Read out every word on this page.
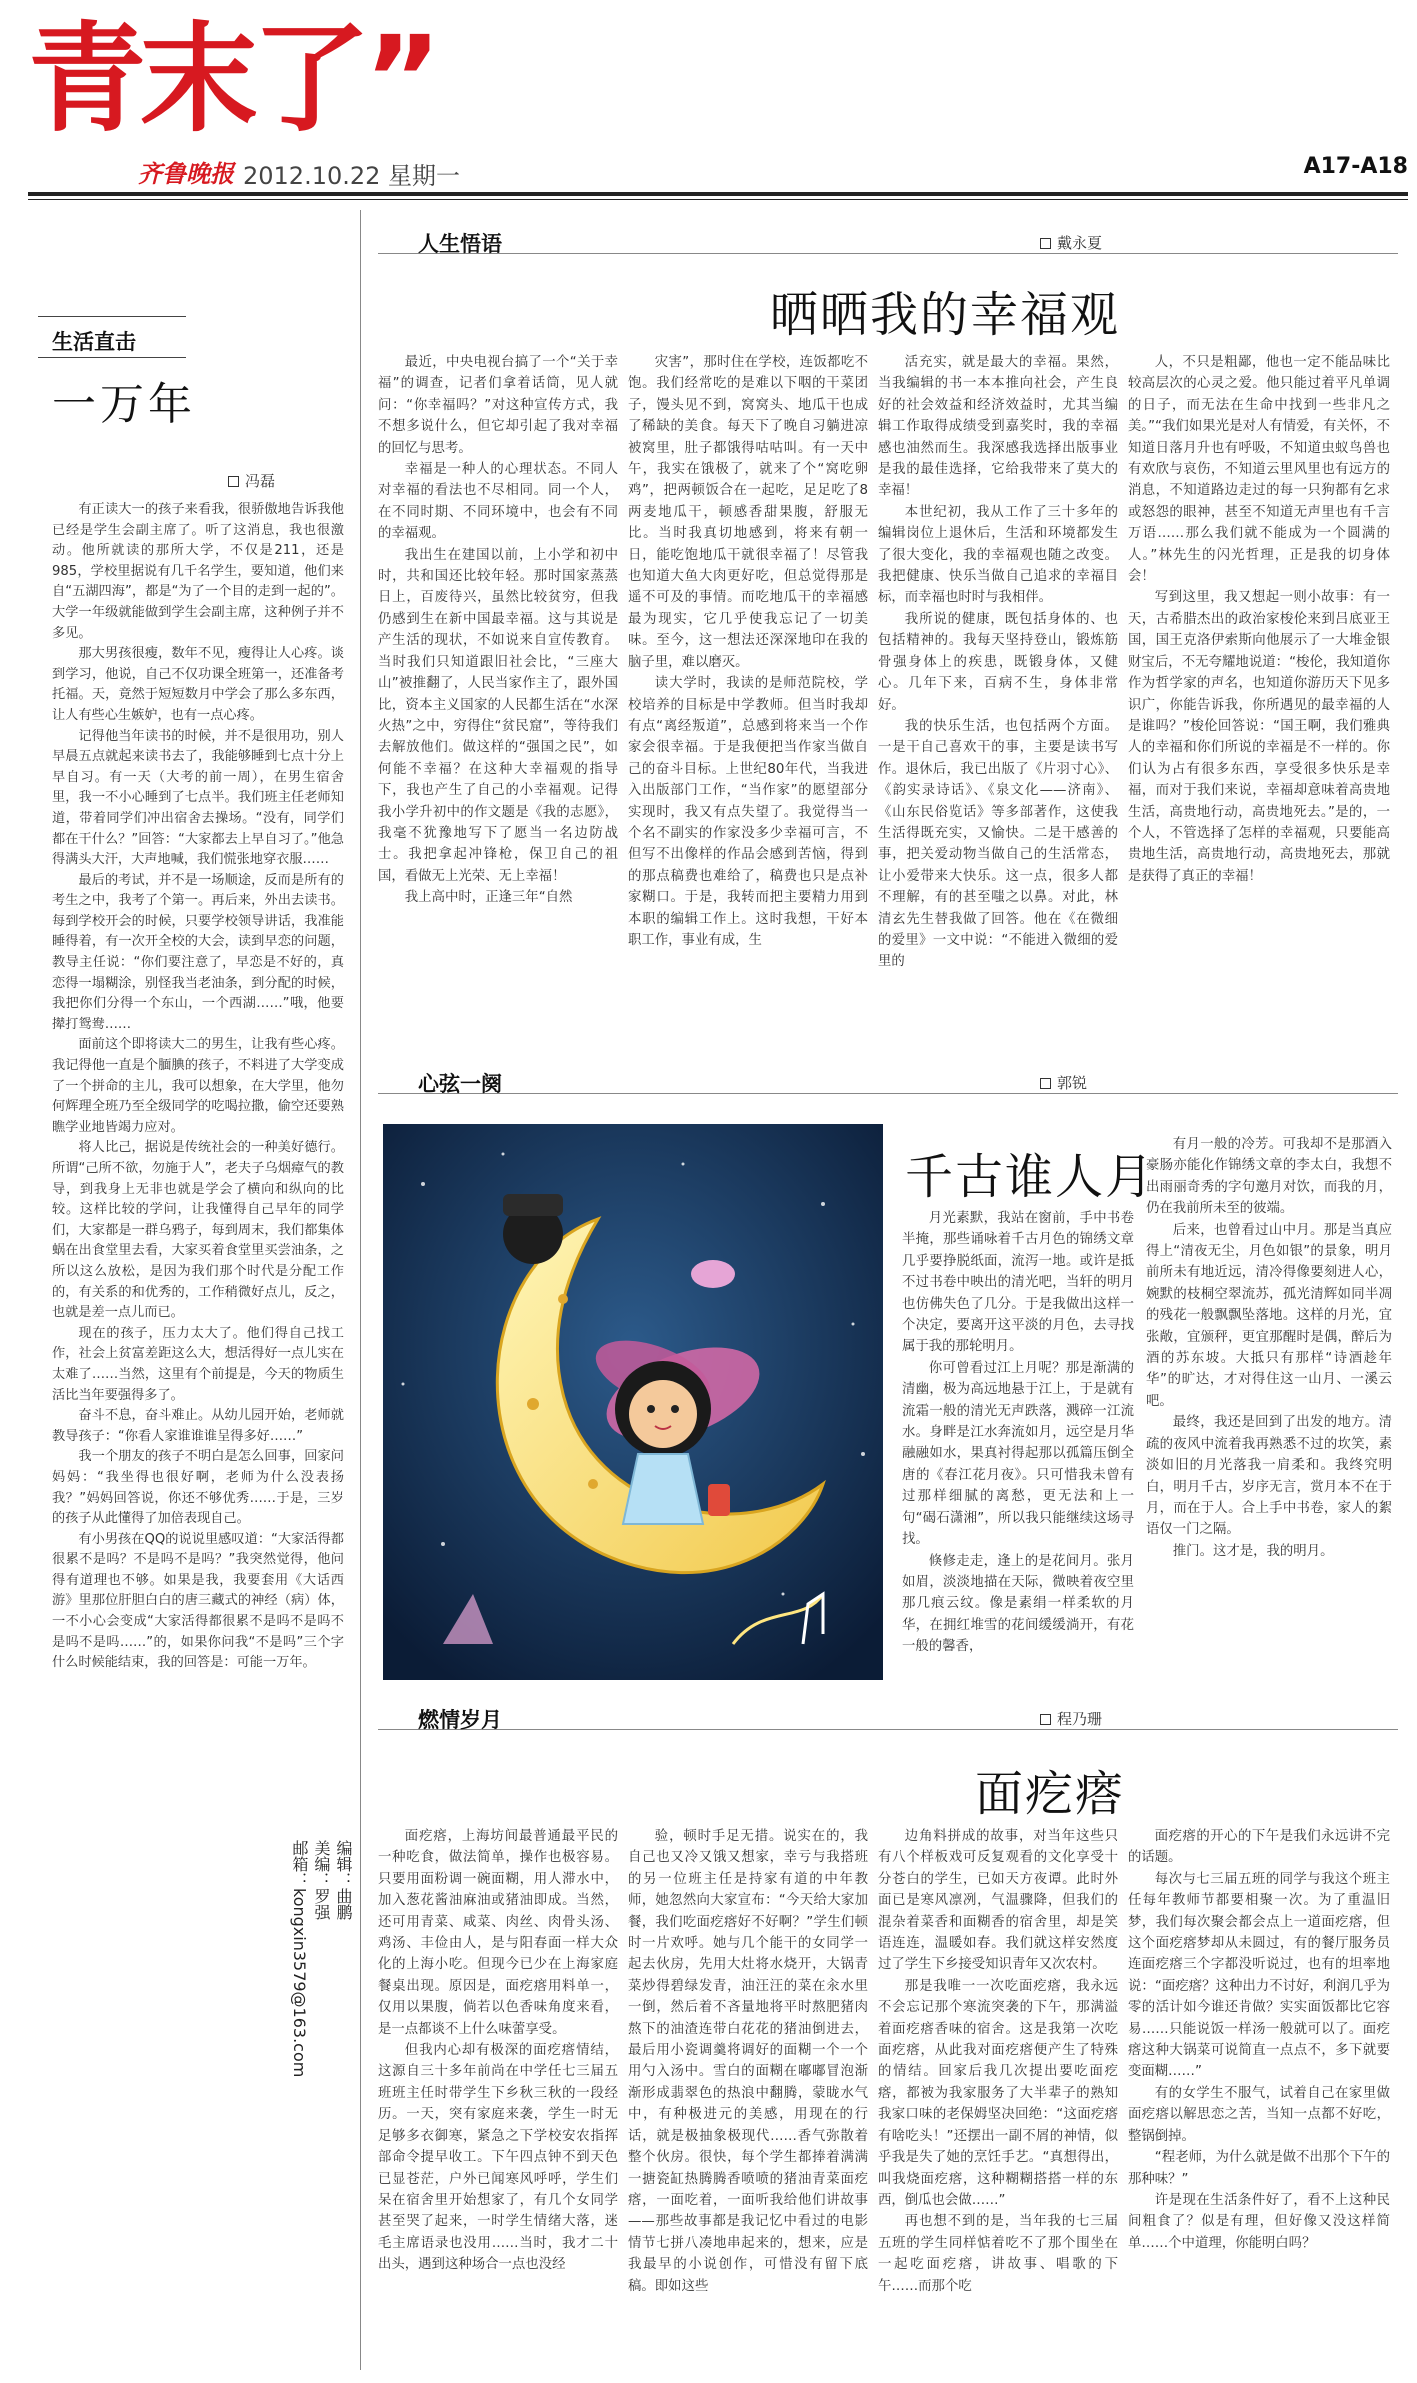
青末了”
齐鲁晚报 2012.10.22 星期一	A17-A18
生活直击
一万年
冯磊

有正读大一的孩子来看我，很骄傲地告诉我他已经是学生会副主席了。听了这消息，我也很激动。他所就读的那所大学，不仅是211，还是985，学校里据说有几千名学生，要知道，他们来自“五湖四海”，都是“为了一个目的走到一起的”。大学一年级就能做到学生会副主席，这种例子并不多见。

那大男孩很瘦，数年不见，瘦得让人心疼。谈到学习，他说，自己不仅功课全班第一，还准备考托福。天，竟然于短短数月中学会了那么多东西，让人有些心生嫉妒，也有一点心疼。

记得他当年读书的时候，并不是很用功，别人早晨五点就起来读书去了，我能够睡到七点十分上早自习。有一天（大考的前一周），在男生宿舍里，我一不小心睡到了七点半。我们班主任老师知道，带着同学们冲出宿舍去操场。“没有，同学们都在干什么？”回答：“大家都去上早自习了。”他急得满头大汗，大声地喊，我们慌张地穿衣服……

最后的考试，并不是一场顺途，反而是所有的考生之中，我考了个第一。再后来，外出去读书。每到学校开会的时候，只要学校领导讲话，我准能睡得着，有一次开全校的大会，读到早恋的问题，教导主任说：“你们要注意了，早恋是不好的，真恋得一塌糊涂，别怪我当老油条，到分配的时候，我把你们分得一个东山，一个西湖……”哦，他要撵打鸳鸯……

面前这个即将读大二的男生，让我有些心疼。我记得他一直是个腼腆的孩子，不料进了大学变成了一个拼命的主儿，我可以想象，在大学里，他勿何辉理全班乃至全级同学的吃喝拉撒，偷空还要熟瞧学业地皆竭力应对。

将人比己，据说是传统社会的一种美好德行。所谓“己所不欲，勿施于人”，老夫子乌烟瘴气的教导，到我身上无非也就是学会了横向和纵向的比较。这样比较的学问，让我懂得自己早年的同学们，大家都是一群乌鸦子，每到周末，我们都集体蜗在出食堂里去看，大家买着食堂里买尝油条，之所以这么放松，是因为我们那个时代是分配工作的，有关系的和优秀的，工作稍微好点儿，反之，也就是差一点儿而已。

现在的孩子，压力太大了。他们得自己找工作，社会上贫富差距这么大，想活得好一点儿实在太难了……当然，这里有个前提是，今天的物质生活比当年要强得多了。

奋斗不息，奋斗难止。从幼儿园开始，老师就教导孩子：“你看人家谁谁谁呈得多好……”

我一个朋友的孩子不明白是怎么回事，回家问妈妈：“我坐得也很好啊，老师为什么没表扬我？”妈妈回答说，你还不够优秀……于是，三岁的孩子从此懂得了加倍表现自己。

有小男孩在QQ的说说里感叹道：“大家活得都很累不是吗？不是吗不是吗？”我突然觉得，他问得有道理也不够。如果是我，我要套用《大话西游》里那位肝胆白白的唐三藏式的神经（病）体，一不小心会变成“大家活得都很累不是吗不是吗不是吗不是吗……”的，如果你问我“不是吗”三个字什么时候能结束，我的回答是：可能一万年。

编辑：曲鹏
美编：罗强
邮箱：kongxin3579@163.com
人生悟语	戴永夏
晒晒我的幸福观

最近，中央电视台搞了一个“关于幸福”的调查，记者们拿着话筒，见人就问：“你幸福吗？”对这种宣传方式，我不想多说什么，但它却引起了我对幸福的回忆与思考。

幸福是一种人的心理状态。不同人对幸福的看法也不尽相同。同一个人，在不同时期、不同环境中，也会有不同的幸福观。

我出生在建国以前，上小学和初中时，共和国还比较年轻。那时国家蒸蒸日上，百废待兴，虽然比较贫穷，但我仍感到生在新中国最幸福。这与其说是产生活的现状，不如说来自宣传教育。当时我们只知道跟旧社会比，“三座大山”被推翻了，人民当家作主了，跟外国比，资本主义国家的人民都生活在“水深火热”之中，穷得住“贫民窟”，等待我们去解放他们。做这样的“强国之民”，如何能不幸福？在这种大幸福观的指导下，我也产生了自己的小幸福观。记得我小学升初中的作文题是《我的志愿》，我毫不犹豫地写下了愿当一名边防战士。我把拿起冲锋枪，保卫自己的祖国，看做无上光荣、无上幸福！

我上高中时，正逢三年“自然

灾害”，那时住在学校，连饭都吃不饱。我们经常吃的是难以下咽的干菜团子，馒头见不到，窝窝头、地瓜干也成了稀缺的美食。每天下了晚自习躺进凉被窝里，肚子都饿得咕咕叫。有一天中午，我实在饿极了，就来了个“窝吃卵鸡”，把两顿饭合在一起吃，足足吃了8两麦地瓜干，顿感香甜果腹，舒服无比。当时我真切地感到，将来有朝一日，能吃饱地瓜干就很幸福了！尽管我也知道大鱼大肉更好吃，但总觉得那是遥不可及的事情。而吃地瓜干的幸福感最为现实，它几乎使我忘记了一切美味。至今，这一想法还深深地印在我的脑子里，难以磨灭。

读大学时，我读的是师范院校，学校培养的目标是中学教师。但当时我却有点“离经叛道”，总感到将来当一个作家会很幸福。于是我便把当作家当做自己的奋斗目标。上世纪80年代，当我进入出版部门工作，“当作家”的愿望部分实现时，我又有点失望了。我觉得当一个名不副实的作家没多少幸福可言，不但写不出像样的作品会感到苦恼，得到的那点稿费也难给了，稿费也只是点补家糊口。于是，我转而把主要精力用到本职的编辑工作上。这时我想，干好本职工作，事业有成，生

活充实，就是最大的幸福。果然，当我编辑的书一本本推向社会，产生良好的社会效益和经济效益时，尤其当编辑工作取得成绩受到嘉奖时，我的幸福感也油然而生。我深感我选择出版事业是我的最佳选择，它给我带来了莫大的幸福！

本世纪初，我从工作了三十多年的编辑岗位上退休后，生活和环境都发生了很大变化，我的幸福观也随之改变。我把健康、快乐当做自己追求的幸福目标，而幸福也时时与我相伴。

我所说的健康，既包括身体的、也包括精神的。我每天坚持登山，锻炼筋骨强身体上的疾患，既锻身体，又健心。几年下来，百病不生，身体非常好。

我的快乐生活，也包括两个方面。一是干自己喜欢干的事，主要是读书写作。退休后，我已出版了《片羽寸心》、《韵实录诗话》、《泉文化——济南》、《山东民俗览话》等多部著作，这使我生活得既充实，又愉快。二是干感善的事，把关爱动物当做自己的生活常态，让小爱带来大快乐。这一点，很多人都不理解，有的甚至嗤之以鼻。对此，林清玄先生替我做了回答。他在《在微细的爱里》一文中说：“不能进入微细的爱里的

人，不只是粗鄙，他也一定不能品味比较高层次的心灵之爱。他只能过着平凡单调的日子，而无法在生命中找到一些非凡之美。”“我们如果光是对人有情爱，有关怀，不知道日落月升也有呼吸，不知道虫蚁鸟兽也有欢欣与哀伤，不知道云里风里也有远方的消息，不知道路边走过的每一只狗都有乞求或怒怨的眼神，甚至不知道无声里也有千言万语……那么我们就不能成为一个圆满的人。”林先生的闪光哲理，正是我的切身体会！

写到这里，我又想起一则小故事：有一天，古希腊杰出的政治家梭伦来到吕底亚王国，国王克洛伊索斯向他展示了一大堆金银财宝后，不无夸耀地说道：“梭伦，我知道你作为哲学家的声名，也知道你游历天下见多识广，你能告诉我，你所遇见的最幸福的人是谁吗？”梭伦回答说：“国王啊，我们雅典人的幸福和你们所说的幸福是不一样的。你们认为占有很多东西，享受很多快乐是幸福，而对于我们来说，幸福却意味着高贵地生活，高贵地行动，高贵地死去。”是的，一个人，不管选择了怎样的幸福观，只要能高贵地生活，高贵地行动，高贵地死去，那就是获得了真正的幸福！

心弦一阕	郭锐
千古谁人月

月光素默，我站在窗前，手中书卷半掩，那些诵咏着千古月色的锦绣文章几乎要挣脱纸面，流泻一地。或许是抵不过书卷中映出的清光吧，当轩的明月也仿佛失色了几分。于是我做出这样一个决定，要离开这平淡的月色，去寻找属于我的那轮明月。

你可曾看过江上月呢？那是渐满的清幽，极为高远地悬于江上，于是就有流霜一般的清光无声跌落，溅碎一江流水。身畔是江水奔流如月，远空是月华融融如水，果真衬得起那以孤篇压倒全唐的《春江花月夜》。只可惜我未曾有过那样细腻的离愁，更无法和上一句“碣石潇湘”，所以我只能继续这场寻找。

倏修走走，逢上的是花间月。张月如眉，淡淡地描在天际，微映着夜空里那几痕云纹。像是素绢一样柔软的月华，在拥红堆雪的花间缓缓淌开，有花一般的馨香，

有月一般的冷芳。可我却不是那酒入豪肠亦能化作锦绣文章的李太白，我想不出雨丽奇秀的字句邀月对饮，而我的月，仍在我前所未至的彼端。

后来，也曾看过山中月。那是当真应得上“清夜无尘，月色如银”的景象，明月前所未有地近远，清冷得像要刻进人心，婉默的枝桐空翠流苏，孤光清辉如同半凋的残花一般飘飘坠落地。这样的月光，宜张敞，宜颁秤，更宜那醒时是偶，醉后为酒的苏东坡。大抵只有那样“诗酒趁年华”的旷达，才对得住这一山月、一溪云吧。

最终，我还是回到了出发的地方。清疏的夜风中流着我再熟悉不过的坎笑，素淡如旧的月光落我一肩柔和。我终究明白，明月千古，岁序无言，赏月本不在于月，而在于人。合上手中书卷，家人的絮语仅一门之隔。

推门。这才是，我的明月。

燃情岁月	程乃珊
面疙瘩

面疙瘩，上海坊间最普通最平民的一种吃食，做法简单，操作也极容易。只要用面粉调一碗面糊，用人滞水中，加入葱花酱油麻油或猪油即成。当然，还可用青菜、咸菜、肉丝、肉骨头汤、鸡汤、丰俭由人，是与阳春面一样大众化的上海小吃。但现今已少在上海家庭餐桌出现。原因是，面疙瘩用料单一，仅用以果腹，倘若以色香味角度来看，是一点都谈不上什么味蕾享受。

但我内心却有极深的面疙瘩情结，这源自三十多年前尚在中学任七三届五班班主任时带学生下乡秋三秋的一段经历。一天，突有家庭来袭，学生一时无足够多衣御寒，紧急之下学校安农指挥部命令提早收工。下午四点钟不到天色已显苍茫，户外已闻寒风呼呼，学生们呆在宿舍里开始想家了，有几个女同学甚至哭了起来，一时学生情绪大落，迷毛主席语录也没用……当时，我才二十出头，遇到这种场合一点也没经

验，顿时手足无措。说实在的，我自己也又冷又饿又想家，幸亏与我搭班的另一位班主任是持家有道的中年教师，她忽然向大家宣布：“今天给大家加餐，我们吃面疙瘩好不好啊？”学生们顿时一片欢呼。她与几个能干的女同学一起去伙房，先用大灶将水烧开，大锅青菜炒得碧绿发青，油汪汪的菜在汆水里一倒，然后着不吝量地将平时熬肥猪肉熬下的油渣连带白花花的猪油倒进去，最后用小瓷调羹将调好的面糊一个一个用勺入汤中。雪白的面糊在嘟嘟冒泡渐渐形成翡翠色的热浪中翻腾，蒙眬水气中，有种极进元的美感，用现在的行话，就是极抽象极现代……香气弥散着整个伙房。很快，每个学生都捧着满满一搪瓷缸热腾腾香喷喷的猪油青菜面疙瘩，一面吃着，一面听我给他们讲故事——那些故事都是我记忆中看过的电影情节七拼八凑地串起来的，想来，应是我最早的小说创作，可惜没有留下底稿。即如这些

边角料拼成的故事，对当年这些只有八个样板戏可反复观看的文化享受十分苍白的学生，已如天方夜谭。此时外面已是寒风凛冽，气温骤降，但我们的混杂着菜香和面糊香的宿舍里，却是笑语连连，温暖如春。我们就这样安然度过了学生下乡接受知识青年又次农村。

那是我唯一一次吃面疙瘩，我永远不会忘记那个寒流突袭的下午，那满溢着面疙瘩香味的宿舍。这是我第一次吃面疙瘩，从此我对面疙瘩便产生了特殊的情结。回家后我几次提出要吃面疙瘩，都被为我家服务了大半辈子的熟知我家口味的老保姆坚决回绝：“这面疙瘩有啥吃头！”还摆出一副不屑的神情，似乎我是失了她的烹饪手艺。“真想得出，叫我烧面疙瘩，这种糊糊搭搭一样的东西，倒瓜也会做……”

再也想不到的是，当年我的七三届五班的学生同样惦着吃不了那个围坐在一起吃面疙瘩，讲故事、唱歌的下午……而那个吃

面疙瘩的开心的下午是我们永远讲不完的话题。

每次与七三届五班的同学与我这个班主任每年教师节都要相聚一次。为了重温旧梦，我们每次聚会都会点上一道面疙瘩，但这个面疙瘩梦却从未圆过，有的餐厅服务员连面疙瘩三个字都没听说过，也有的坦率地说：“面疙瘩？这种出力不讨好，利润几乎为零的活计如今谁还肯做？实实面饭都比它容易……只能说饭一样汤一般就可以了。面疙瘩这种大锅菜可说简直一点点不，多下就要变面糊……”

有的女学生不服气，试着自己在家里做面疙瘩以解思恋之苦，当知一点都不好吃，整锅倒掉。

“程老师，为什么就是做不出那个下午的那种味？”

许是现在生活条件好了，看不上这种民间粗食了？似是有理，但好像又没这样简单……个中道理，你能明白吗？
